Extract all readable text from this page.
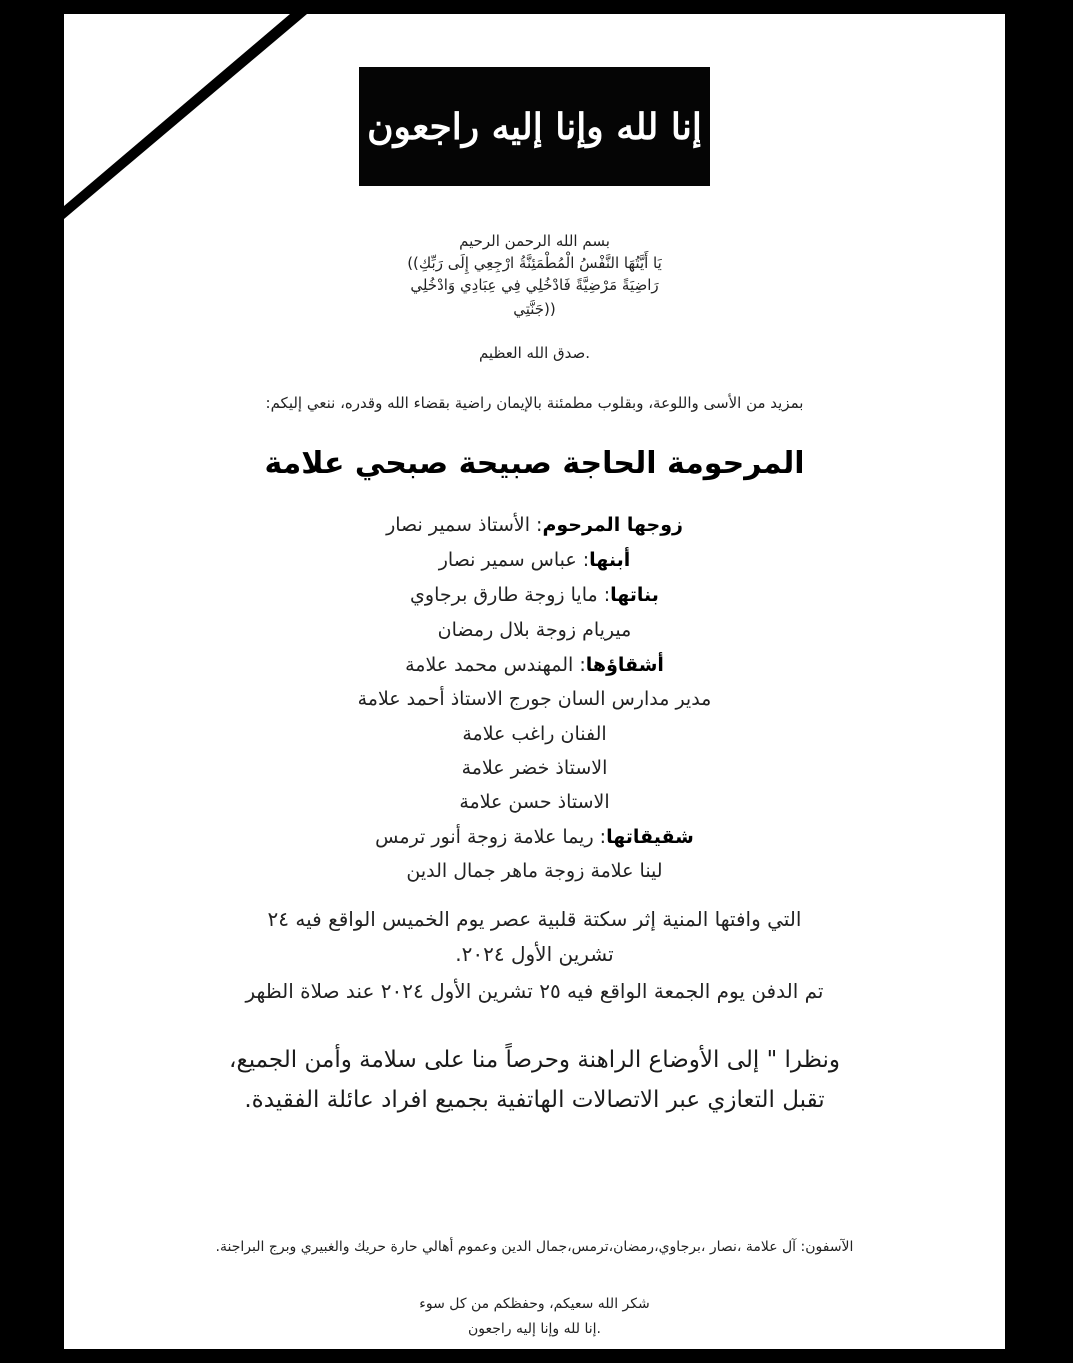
إنا لله وإنا إليه راجعون
بسم الله الرحمن الرحيم
يَا أَيَّتُهَا النَّفْسُ الْمُطْمَئِنَّةُ ارْجِعِي إِلَى رَبِّكِ))
رَاضِيَةً مَرْضِيَّةً فَادْخُلِي فِي عِبَادِي وَادْخُلِي
((جَنَّتِي
.صدق الله العظيم
بمزيد من الأسى واللوعة، وبقلوب مطمئنة بالإيمان راضية بقضاء الله وقدره، ننعي إليكم:
المرحومة الحاجة صبيحة صبحي علامة
زوجها المرحوم: الأستاذ سمير نصار
أبنها: عباس سمير نصار
بناتها: مايا زوجة طارق برجاوي
ميريام زوجة بلال رمضان
أشقاؤها: المهندس محمد علامة
مدير مدارس السان جورج الاستاذ أحمد علامة
الفنان راغب علامة
الاستاذ خضر علامة
الاستاذ حسن علامة
شقيقاتها: ريما علامة زوجة أنور ترمس
لينا علامة زوجة ماهر جمال الدين
التي وافتها المنية إثر سكتة قلبية عصر يوم الخميس الواقع فيه ٢٤
تشرين الأول ٢٠٢٤.
تم الدفن يوم الجمعة الواقع فيه ٢٥ تشرين الأول ٢٠٢٤ عند صلاة الظهر
ونظرا " إلى الأوضاع الراهنة وحرصاً منا على سلامة وأمن الجميع،
تقبل التعازي عبر الاتصالات الهاتفية بجميع افراد عائلة الفقيدة.
الآسفون: آل علامة ،نصار ،برجاوي،رمضان،ترمس،جمال الدين وعموم أهالي حارة حريك والغبيري وبرج البراجنة.
شكر الله سعيكم، وحفظكم من كل سوء
.إنا لله وإنا إليه راجعون
